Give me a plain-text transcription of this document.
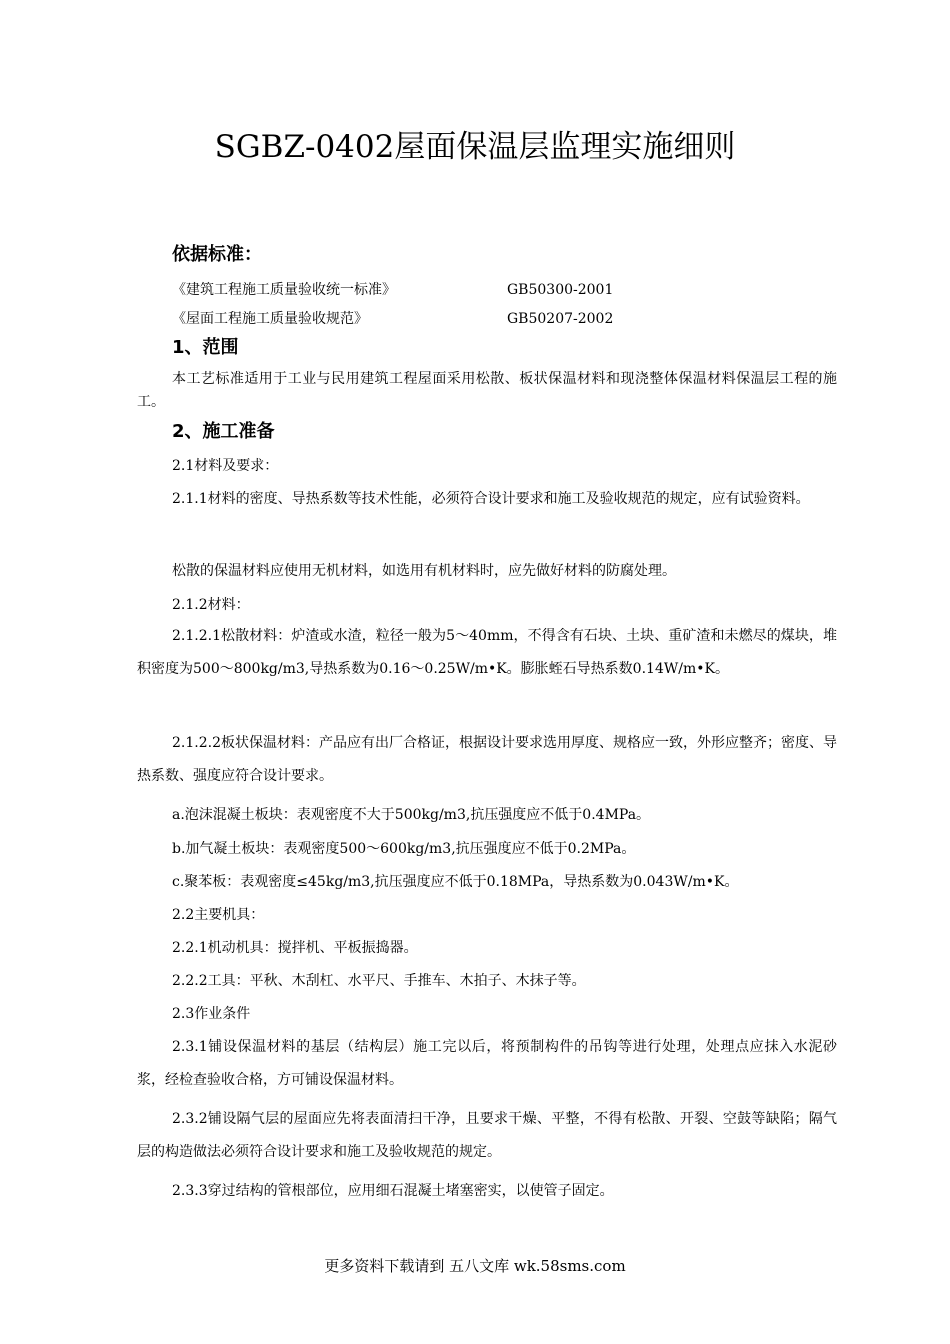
SGBZ-0402屋面保温层监理实施细则
依据标准：
《建筑工程施工质量验收统一标准》	GB50300-2001
《屋面工程施工质量验收规范》	GB50207-2002
1、范围

本工艺标准适用于工业与民用建筑工程屋面采用松散、板状保温材料和现浇整体保温材料保温层工程的施工。

2、施工准备

2.1材料及要求：

2.1.1材料的密度、导热系数等技术性能，必须符合设计要求和施工及验收规范的规定，应有试验资料。

松散的保温材料应使用无机材料，如选用有机材料时，应先做好材料的防腐处理。

2.1.2材料：

2.1.2.1松散材料：炉渣或水渣，粒径一般为5～40mm，不得含有石块、土块、重矿渣和未燃尽的煤块，堆积密度为500～800kg/m3,导热系数为0.16～0.25W/m•K。膨胀蛭石导热系数0.14W/m•K。

2.1.2.2板状保温材料：产品应有出厂合格证，根据设计要求选用厚度、规格应一致，外形应整齐；密度、导热系数、强度应符合设计要求。

a.泡沫混凝土板块：表观密度不大于500kg/m3,抗压强度应不低于0.4MPa。

b.加气凝土板块：表观密度500～600kg/m3,抗压强度应不低于0.2MPa。

c.聚苯板：表观密度≤45kg/m3,抗压强度应不低于0.18MPa，导热系数为0.043W/m•K。

2.2主要机具：

2.2.1机动机具：搅拌机、平板振捣器。

2.2.2工具：平秋、木刮杠、水平尺、手推车、木拍子、木抹子等。

2.3作业条件

2.3.1铺设保温材料的基层（结构层）施工完以后，将预制构件的吊钩等进行处理，处理点应抹入水泥砂浆，经检查验收合格，方可铺设保温材料。

2.3.2铺设隔气层的屋面应先将表面清扫干净，且要求干燥、平整，不得有松散、开裂、空鼓等缺陷；隔气层的构造做法必须符合设计要求和施工及验收规范的规定。

2.3.3穿过结构的管根部位，应用细石混凝土堵塞密实，以使管子固定。

更多资料下载请到 五八文库 wk.58sms.com
